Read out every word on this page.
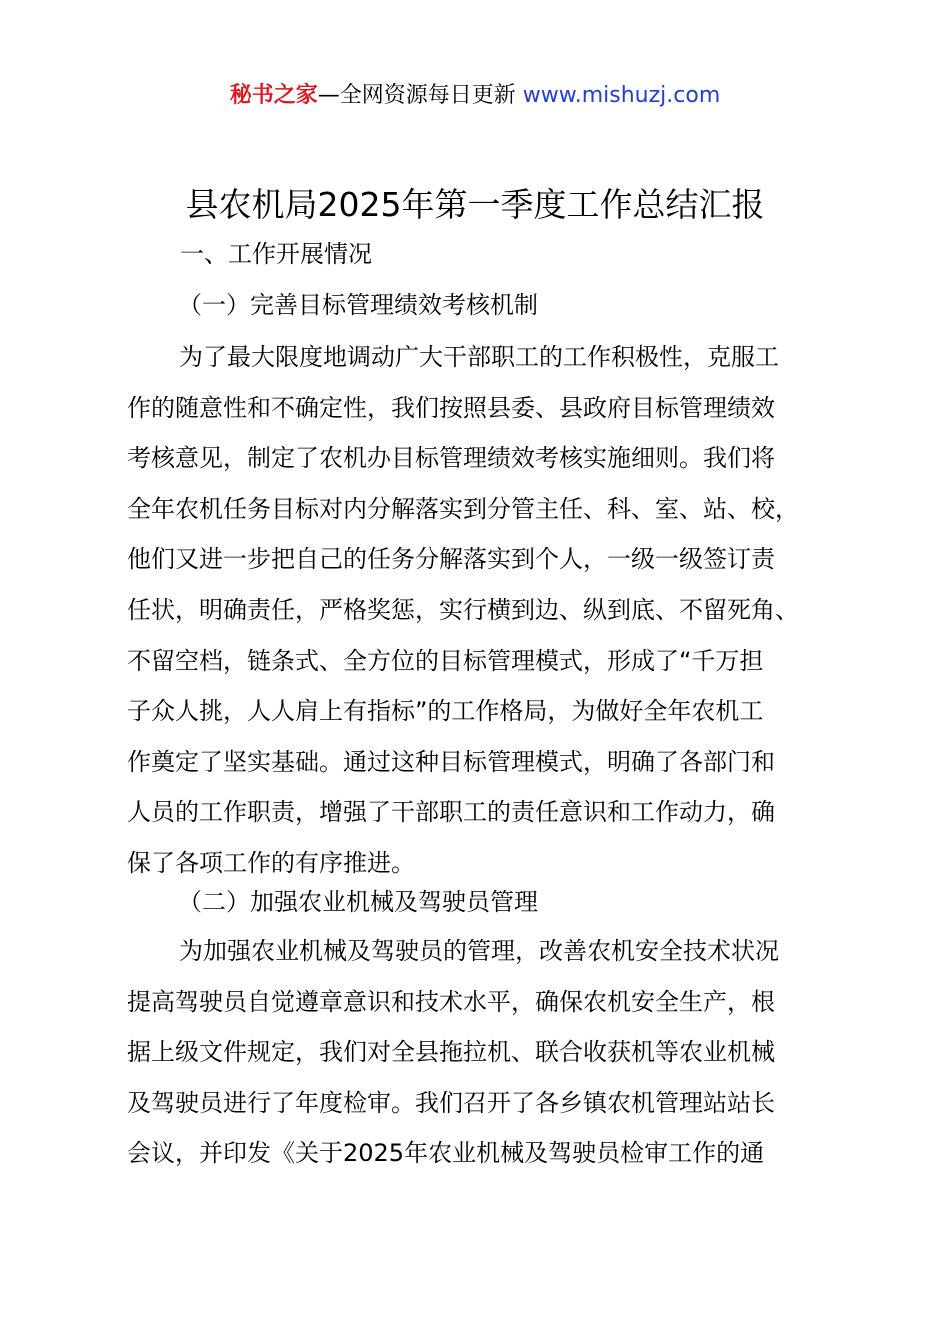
秘书之家—全网资源每日更新 www.mishuzj.com
县农机局2025年第一季度工作总结汇报
一、工作开展情况
（一）完善目标管理绩效考核机制
为了最大限度地调动广大干部职工的工作积极性，克服工
作的随意性和不确定性，我们按照县委、县政府目标管理绩效
考核意见，制定了农机办目标管理绩效考核实施细则。我们将
全年农机任务目标对内分解落实到分管主任、科、室、站、校，
他们又进一步把自己的任务分解落实到个人，一级一级签订责
任状，明确责任，严格奖惩，实行横到边、纵到底、不留死角、
不留空档，链条式、全方位的目标管理模式，形成了“千万担
子众人挑，人人肩上有指标”的工作格局，为做好全年农机工
作奠定了坚实基础。通过这种目标管理模式，明确了各部门和
人员的工作职责，增强了干部职工的责任意识和工作动力，确
保了各项工作的有序推进。
（二）加强农业机械及驾驶员管理
为加强农业机械及驾驶员的管理，改善农机安全技术状况
提高驾驶员自觉遵章意识和技术水平，确保农机安全生产，根
据上级文件规定，我们对全县拖拉机、联合收获机等农业机械
及驾驶员进行了年度检审。我们召开了各乡镇农机管理站站长
会议，并印发《关于2025年农业机械及驾驶员检审工作的通
